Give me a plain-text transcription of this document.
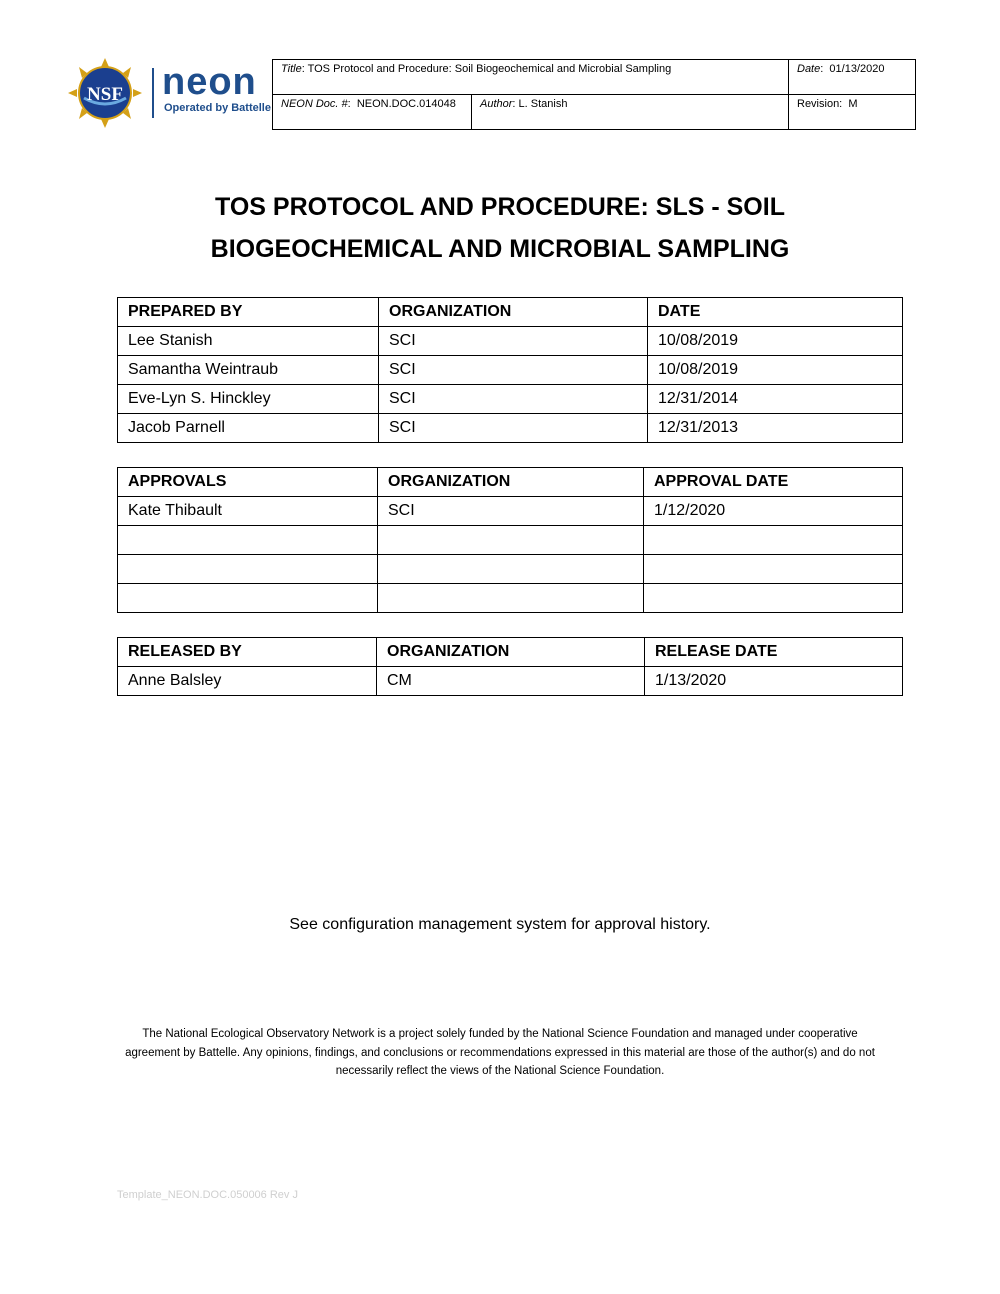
NSF neon
Operated by Battelle
Title: TOS Protocol and Procedure: Soil Biogeochemical and Microbial Sampling		Date:  01/13/2020
NEON Doc. #:  NEON.DOC.014048	Author: L. Stanish	Revision: M
TOS PROTOCOL AND PROCEDURE: SLS - SOIL
BIOGEOCHEMICAL AND MICROBIAL SAMPLING
PREPARED BY	ORGANIZATION	DATE
Lee Stanish	SCI	10/08/2019
Samantha Weintraub	SCI	10/08/2019
Eve-Lyn S. Hinckley	SCI	12/31/2014
Jacob Parnell	SCI	12/31/2013
APPROVALS	ORGANIZATION	APPROVAL DATE
Kate Thibault	SCI	1/12/2020

RELEASED BY	ORGANIZATION	RELEASE DATE
Anne Balsley	CM	1/13/2020
See configuration management system for approval history.
The National Ecological Observatory Network is a project solely funded by the National Science Foundation and managed under cooperative agreement by Battelle. Any opinions, findings, and conclusions or recommendations expressed in this material are those of the author(s) and do not necessarily reflect the views of the National Science Foundation.
Template_NEON.DOC.050006 Rev J
